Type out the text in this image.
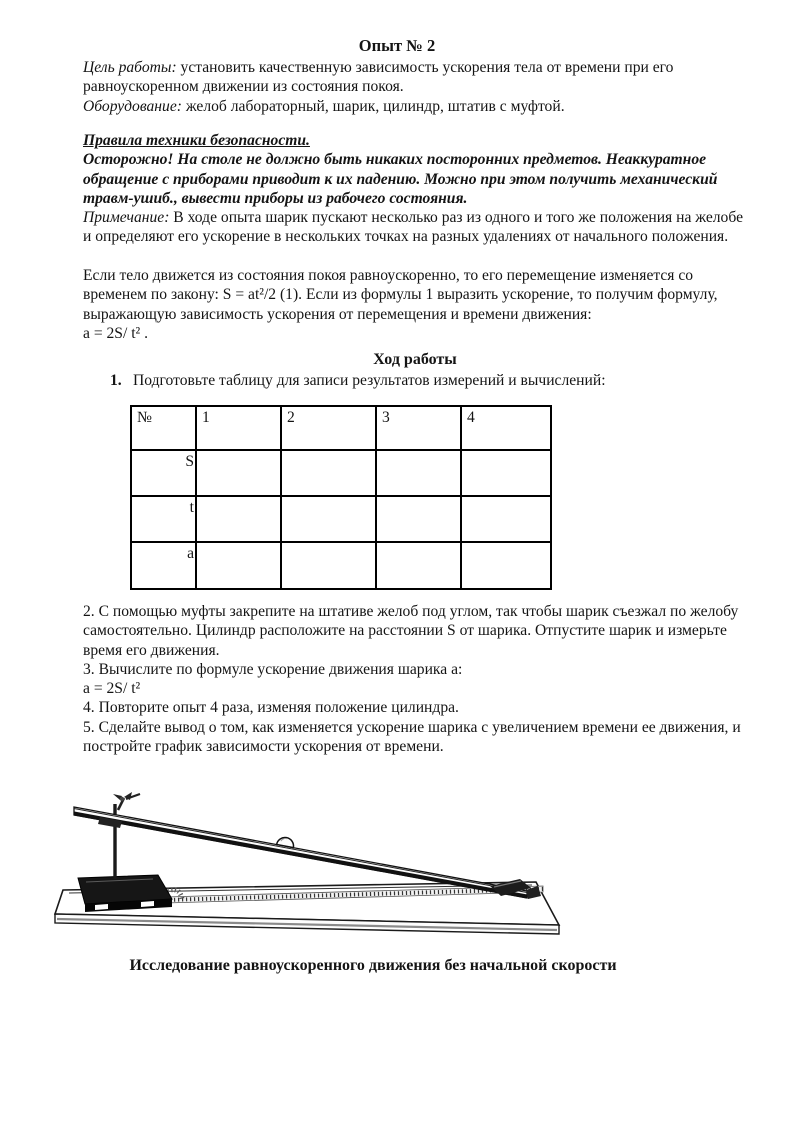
Опыт № 2
Цель работы: установить качественную зависимость ускорения тела от времени при его равноускоренном движении из состояния покоя.
Оборудование: желоб лабораторный, шарик, цилиндр, штатив с муфтой.
Правила техники безопасности.
Осторожно! На столе не должно быть никаких посторонних предметов. Неаккуратное обращение с приборами приводит к их падению. Можно при этом получить механический травм-ушиб., вывести приборы из рабочего состояния.
Примечание: В ходе опыта шарик пускают несколько раз из одного и того же положения на желобе и определяют его ускорение в нескольких точках на разных удалениях от начального положения.
Если тело движется из состояния покоя равноускоренно, то его перемещение изменяется со временем по закону: S = at²/2 (1). Если из формулы 1 выразить ускорение, то получим формулу, выражающую зависимость ускорения от перемещения и времени движения:
a = 2S/ t² .
Ход работы
1. Подготовьте таблицу для записи результатов измерений и вычислений:
№	1	2	3	4
S				
t				
a				
2. С помощью муфты закрепите на штативе желоб под углом, так чтобы шарик съезжал по желобу самостоятельно. Цилиндр расположите на расстоянии S от шарика. Отпустите шарик и измерьте время его движения.
3. Вычислите по формуле ускорение движения шарика a:
a = 2S/ t²
4. Повторите опыт 4 раза, изменяя положение цилиндра.
5. Сделайте вывод о том, как изменяется ускорение шарика с увеличением времени ее движения, и постройте график зависимости ускорения от времени.
Исследование равноускоренного движения без начальной скорости
